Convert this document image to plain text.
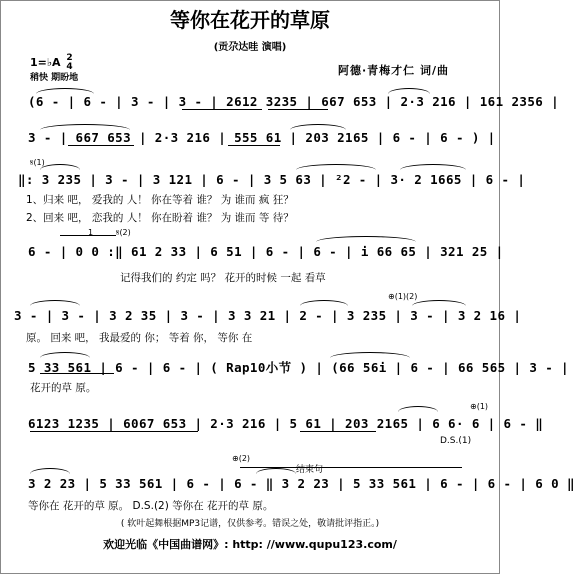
等你在花开的草原
(贡尕达哇 演唱)
1=♭A 2
4
稍快 期盼地
阿德·青梅才仁 词/曲
(6 - | 6 - | 3 - | 3 - | 2612 3235 | 667 653 | 2·3 216 | 161 2356 |
3 - | 667 653 | 2·3 216 | 555 61 | 203 2165 | 6 - | 6 - ) |
𝄋(1)
‖: 3 235 | 3 - | 3 121 | 6 - | 3 5 63 | ²2 - | 3· 2 1665 | 6 - |
1、归来 吧， 爱我的 人！ 你在等着 谁？ 为 谁而 疯 狂？
2、回来 吧， 恋我的 人！ 你在盼着 谁？ 为 谁而 等 待？
1	𝄋(2)
6 - | 0 0 :‖ 61 2 33 | 6 51 | 6 - | 6 - | i 66 65 | 321 25 |
记得我们的 约定 吗？ 花开的时候 一起 看草
⊕(1)(2)
3 - | 3 - | 3 2 35 | 3 - | 3 3 21 | 2 - | 3 235 | 3 - | 3 2 16 |
原。 回来 吧， 我最爱的 你； 等着 你， 等你 在
5 33 561 | 6 - | 6 - | ( Rap10小节 ) | (66 56i | 6 - | 66 565 | 3 - |
花开的草 原。
⊕(1)
6123 1235 | 6067 653 | 2·3 216 | 5 61 | 203 2165 | 6 6· 6 | 6 - ‖
D.S.(1)
⊕(2)
结束句
3 2 23 | 5 33 561 | 6 - | 6 - ‖ 3 2 23 | 5 33 561 | 6 - | 6 - | 6 0 ‖
等你在 花开的草 原。 D.S.(2) 等你在 花开的草 原。
( 软叶起舞根据MP3记谱，仅供参考。错误之处，敬请批评指正。)
欢迎光临《中国曲谱网》: http: //www.qupu123.com/
